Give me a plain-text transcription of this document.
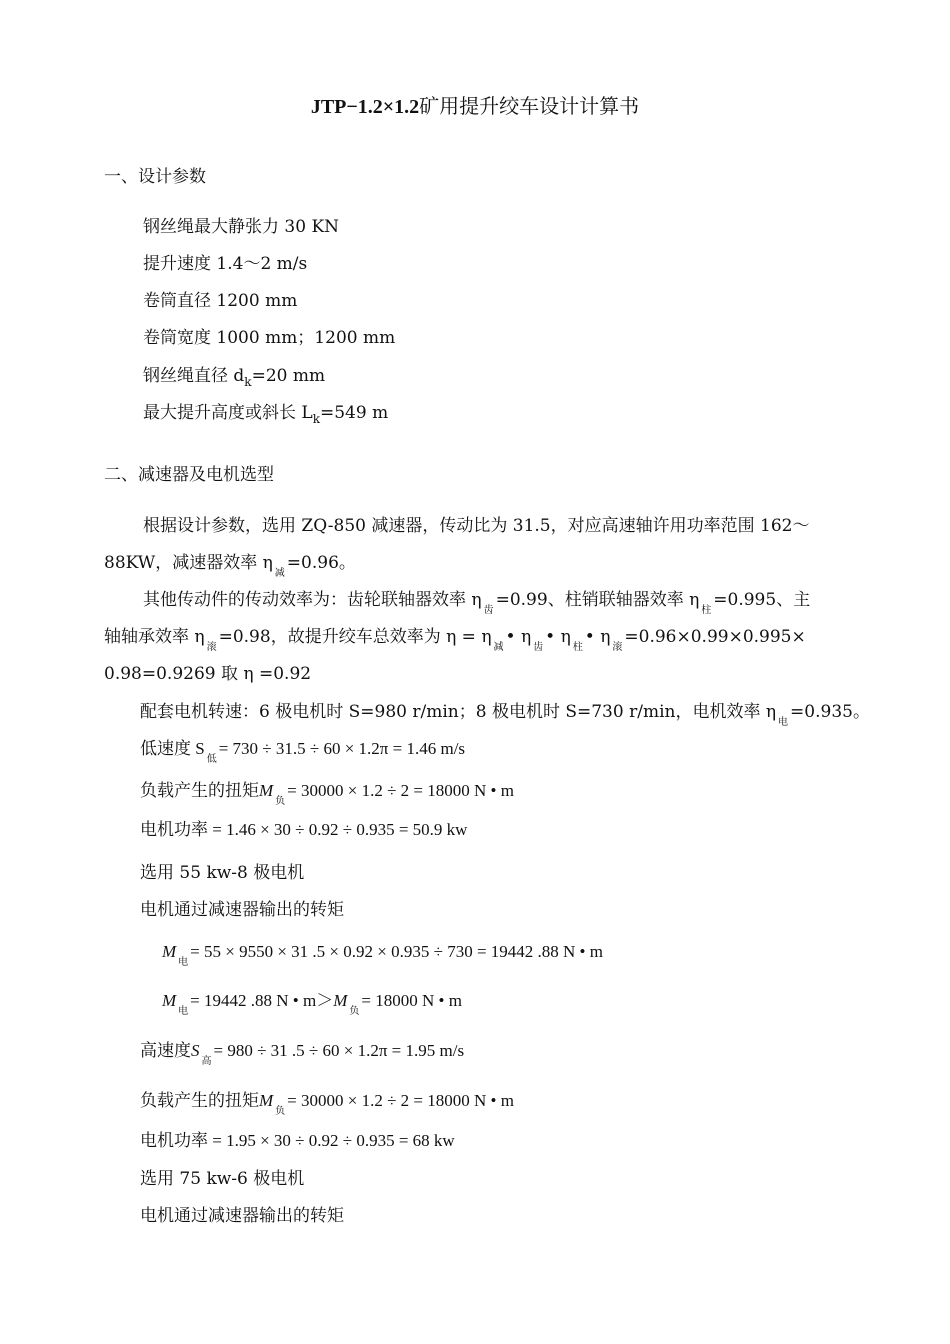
JTP−1.2×1.2矿用提升绞车设计计算书
一、设计参数
钢丝绳最大静张力 30 KN
提升速度 1.4～2 m/s
卷筒直径 1200 mm
卷筒宽度 1000 mm；1200 mm
钢丝绳直径 $d_k=20$ mm
最大提升高度或斜长 $L_k=549$ m
二、减速器及电机选型
根据设计参数，选用 ZQ-850 减速器，传动比为 31.5，对应高速轴许用功率范围 162～
88KW，减速器效率 $\eta_减=0.96$。
其他传动件的传动效率为：齿轮联轴器效率 $\eta_齿=0.99$、柱销联轴器效率 $\eta_柱=0.995$、主
轴轴承效率 $\eta_滚=0.98$，故提升绞车总效率为 $\eta = \eta_减•$ $\eta_齿•$ $\eta_柱•$ $\eta_滚=0.96\times 0.99\times 0.995\times$
0.98=0.9269 取 η =0.92
配套电机转速：6 极电机时 S=980 r/min；8 极电机时 S=730 r/min，电机效率 $\eta_电=0.935$。
低速度 $S_低= 730 \div 31.5 \div 60 \times 1.2\pi = 1.46$ m/s
负载产生的扭矩$M_负= 30000 \times 1.2 \div 2 = 18000$ N • m
电机功率 = 1.46 × 30 ÷ 0.92 ÷ 0.935 = 50.9 kw
选用 55 kw-8 极电机
电机通过减速器输出的转矩
$M_电= 55 \times 9550 \times 31$ .5 × 0.92 × 0.935 ÷ 730 = 19442 .88 N • m
$M_电= 19442$ .88 N • $m>M_负= 18000$ N • m
高速度$S_高= 980 \div 31$ .5 ÷ 60 × 1.2π = 1.95 m/s
负载产生的扭矩$M_负= 30000 \times 1.2 \div 2 = 18000$ N • m
电机功率 = 1.95 × 30 ÷ 0.92 ÷ 0.935 = 68 kw
选用 75 kw-6 极电机
电机通过减速器输出的转矩
